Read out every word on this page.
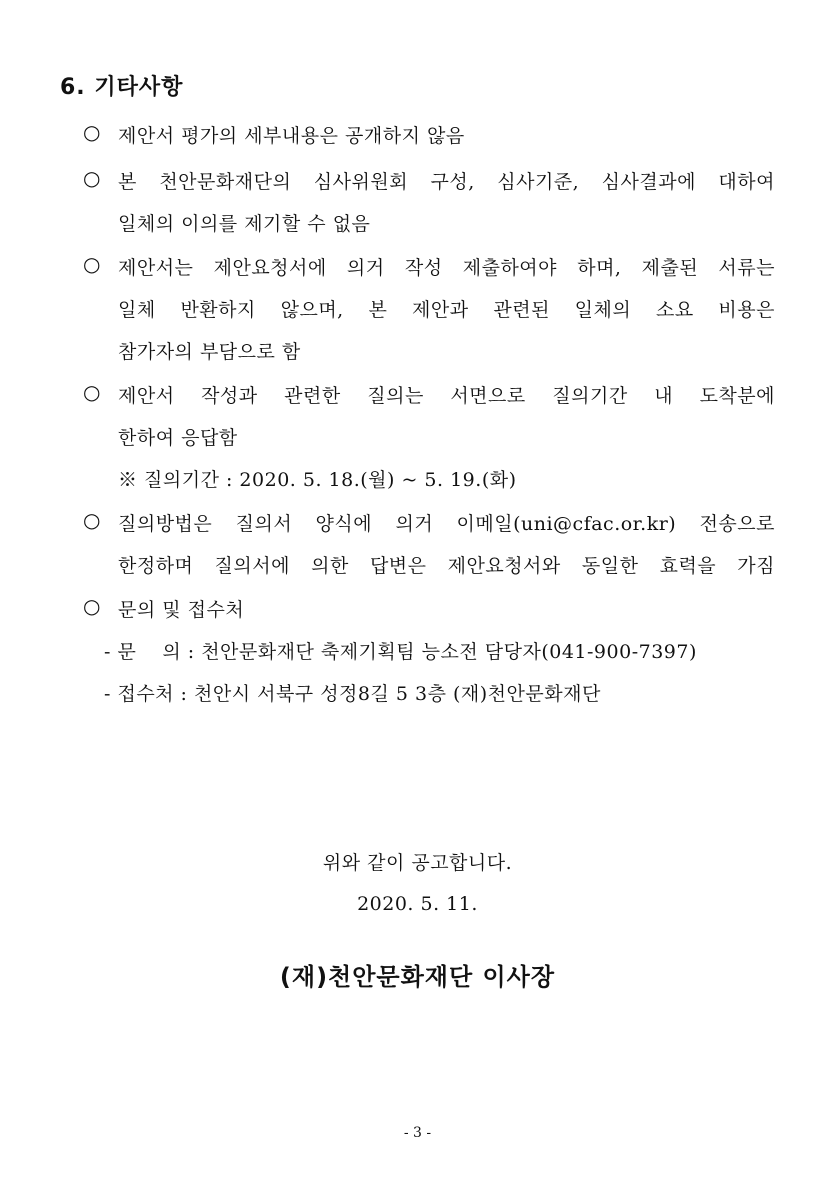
6. 기타사항
○ 제안서 평가의 세부내용은 공개하지 않음
○ 본 천안문화재단의 심사위원회 구성, 심사기준, 심사결과에 대하여
일체의 이의를 제기할 수 없음
○ 제안서는 제안요청서에 의거 작성 제출하여야 하며, 제출된 서류는
일체 반환하지 않으며, 본 제안과 관련된 일체의 소요 비용은
참가자의 부담으로 함
○ 제안서 작성과 관련한 질의는 서면으로 질의기간 내 도착분에
한하여 응답함
※ 질의기간 : 2020. 5. 18.(월) ~ 5. 19.(화)
○ 질의방법은 질의서 양식에 의거 이메일(uni@cfac.or.kr) 전송으로
한정하며 질의서에 의한 답변은 제안요청서와 동일한 효력을 가짐
○ 문의 및 접수처
- 문　 의 : 천안문화재단 축제기획팀 능소전 담당자(041-900-7397)
- 접수처 : 천안시 서북구 성정8길 5 3층 (재)천안문화재단
위와 같이 공고합니다.
2020. 5. 11.
(재)천안문화재단 이사장
- 3 -
